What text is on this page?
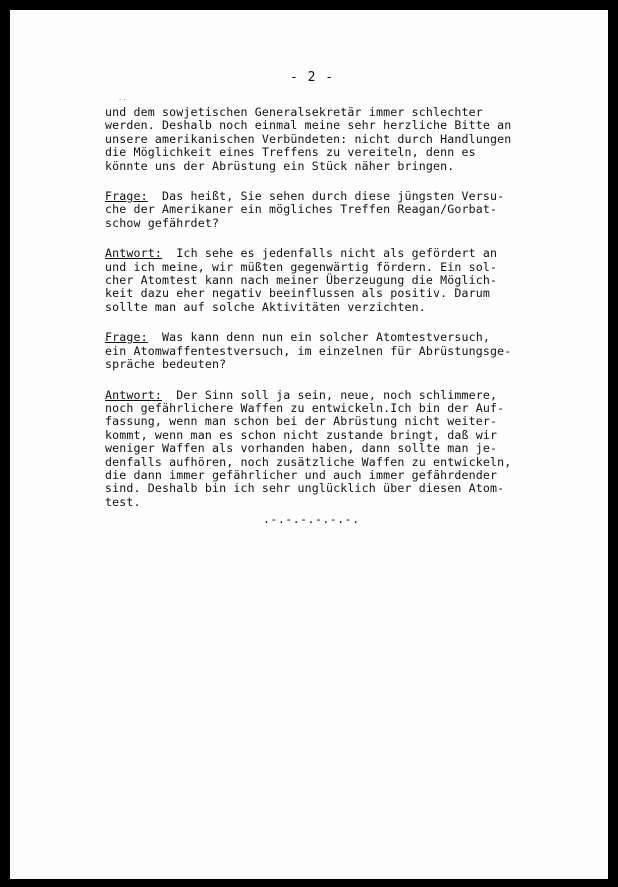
- 2 -
··

und dem sowjetischen Generalsekretär immer schlechter
werden. Deshalb noch einmal meine sehr herzliche Bitte an
unsere amerikanischen Verbündeten: nicht durch Handlungen
die Möglichkeit eines Treffens zu vereiteln, denn es
könnte uns der Abrüstung ein Stück näher bringen.

Frage:  Das heißt, Sie sehen durch diese jüngsten Versu-
che der Amerikaner ein mögliches Treffen Reagan/Gorbat-
schow gefährdet?

Antwort:  Ich sehe es jedenfalls nicht als gefördert an
und ich meine, wir müßten gegenwärtig fördern. Ein sol-
cher Atomtest kann nach meiner Überzeugung die Möglich-
keit dazu eher negativ beeinflussen als positiv. Darum
sollte man auf solche Aktivitäten verzichten.

Frage:  Was kann denn nun ein solcher Atomtestversuch,
ein Atomwaffentestversuch, im einzelnen für Abrüstungsge-
spräche bedeuten?

Antwort:  Der Sinn soll ja sein, neue, noch schlimmere,
noch gefährlichere Waffen zu entwickeln.Ich bin der Auf-
fassung, wenn man schon bei der Abrüstung nicht weiter-
kommt, wenn man es schon nicht zustande bringt, daß wir
weniger Waffen als vorhanden haben, dann sollte man je-
denfalls aufhören, noch zusätzliche Waffen zu entwickeln,
die dann immer gefährlicher und auch immer gefährdender
sind. Deshalb bin ich sehr unglücklich über diesen Atom-
test.

.-.-.-.-.-.-.
